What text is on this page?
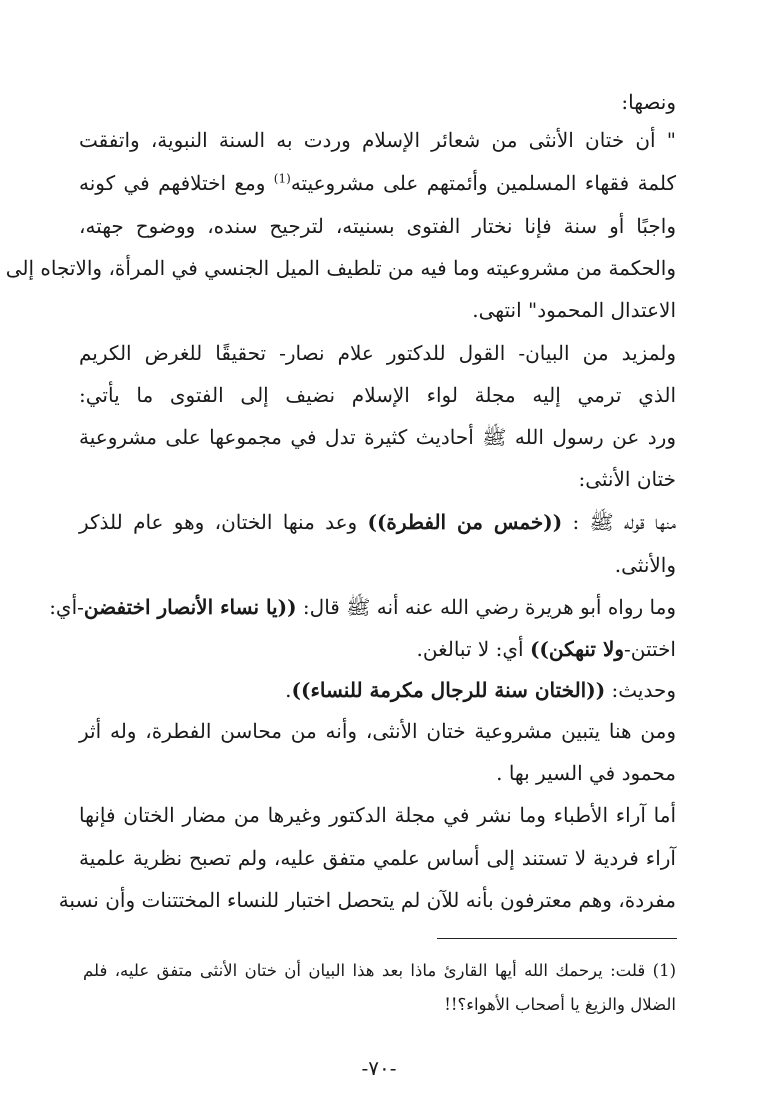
ونصها:
" أن ختان الأنثى من شعائر الإسلام وردت به السنة النبوية، واتفقت
كلمة فقهاء المسلمين وأئمتهم على مشروعيته$^{(1)}$ ومع اختلافهم في كونه
واجبًا أو سنة فإنا نختار الفتوى بسنيته، لترجيح سنده، ووضوح جهته،
والحكمة من مشروعيته وما فيه من تلطيف الميل الجنسي في المرأة، والاتجاه إلى
الاعتدال المحمود" انتهى.
ولمزيد من البيان- القول للدكتور علام نصار- تحقيقًا للغرض الكريم
الذي ترمي إليه مجلة لواء الإسلام نضيف إلى الفتوى ما يأتي:
ورد عن رسول الله ﷺ أحاديث كثيرة تدل في مجموعها على مشروعية
ختان الأنثى:
منها قوله ﷺ : ((خمس من الفطرة)) وعد منها الختان، وهو عام للذكر
والأنثى.
وما رواه أبو هريرة رضي الله عنه أنه ﷺ قال: ((يا نساء الأنصار اختفضن-أي:
اختتن-ولا تنهكن)) أي: لا تبالغن.
وحديث: ((الختان سنة للرجال مكرمة للنساء)).
ومن هنا يتبين مشروعية ختان الأنثى، وأنه من محاسن الفطرة، وله أثر
محمود في السير بها .
أما آراء الأطباء وما نشر في مجلة الدكتور وغيرها من مضار الختان فإنها
آراء فردية لا تستند إلى أساس علمي متفق عليه، ولم تصبح نظرية علمية
مفردة، وهم معترفون بأنه للآن لم يتحصل اختبار للنساء المختتنات وأن نسبة
(1) قلت: يرحمك الله أيها القارئ ماذا بعد هذا البيان أن ختان الأنثى متفق عليه، فلم
الضلال والزيغ يا أصحاب الأهواء؟!!
-٧٠-
